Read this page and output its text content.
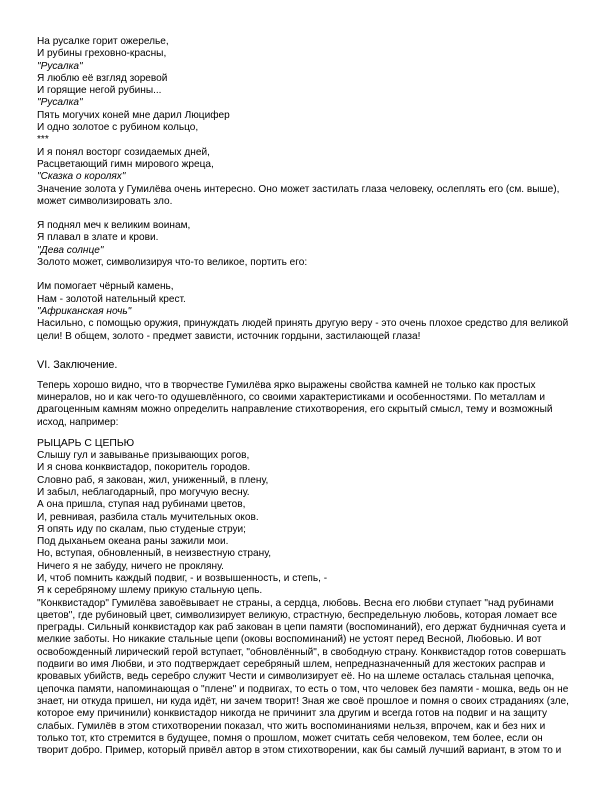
На русалке горит ожерелье,
И рубины греховно-красны,
"Русалка"
Я люблю её взгляд зоревой
И горящие негой рубины...
"Русалка"
Пять могучих коней мне дарил Люцифер
И одно золотое с рубином кольцо,
***
И я понял восторг созидаемых дней,
Расцветающий гимн мирового жреца,
"Сказка о королях"
Значение золота у Гумилёва очень интересно. Оно может застилать глаза человеку, ослеплять его (см. выше),
может символизировать зло.
Я поднял меч к великим воинам,
Я плавал в злате и крови.
"Дева солнце"
Золото может, символизируя что-то великое, портить его:
Им помогает чёрный камень,
Нам - золотой нательный крест.
"Африканская ночь"
Насильно, с помощью оружия, принуждать людей принять другую веру - это очень плохое средство для великой
цели! В общем, золото - предмет зависти, источник гордыни, застилающей глаза!
VI. Заключение.
Теперь хорошо видно, что в творчестве Гумилёва ярко выражены свойства камней не только как простых
минералов, но и как чего-то одушевлённого, со своими характеристиками и особенностями. По металлам и
драгоценным камням можно определить направление стихотворения, его скрытый смысл, тему и возможный
исход, например:
РЫЦАРЬ С ЦЕПЬЮ
Слышу гул и завыванье призывающих рогов,
И я снова конквистадор, покоритель городов.
Словно раб, я закован, жил, униженный, в плену,
И забыл, неблагодарный, про могучую весну.
А она пришла, ступая над рубинами цветов,
И, ревнивая, разбила сталь мучительных оков.
Я опять иду по скалам, пью студеные струи;
Под дыханьем океана раны зажили мои.
Но, вступая, обновленный, в неизвестную страну,
Ничего я не забуду, ничего не прокляну.
И, чтоб помнить каждый подвиг, - и возвышенность, и степь, -
Я к серебряному шлему прикую стальную цепь.
"Конквистадор" Гумилёва завоёвывает не страны, а сердца, любовь. Весна его любви ступает "над рубинами
цветов", где рубиновый цвет, символизирует великую, страстную, беспредельную любовь, которая ломает все
преграды. Сильный конквистадор как раб закован в цепи памяти (воспоминаний), его держат будничная суета и
мелкие заботы. Но никакие стальные цепи (оковы воспоминаний) не устоят перед Весной, Любовью. И вот
освобожденный лирический герой вступает, "обновлённый", в свободную страну. Конквистадор готов совершать
подвиги во имя Любви, и это подтверждает серебряный шлем, непредназначенный для жестоких расправ и
кровавых убийств, ведь серебро служит Чести и символизирует её. Но на шлеме осталась стальная цепочка,
цепочка памяти, напоминающая о "плене" и подвигах, то есть о том, что человек без памяти - мошка, ведь он не
знает, ни откуда пришел, ни куда идёт, ни зачем творит! Зная же своё прошлое и помня о своих страданиях (зле,
которое ему причинили) конквистадор никогда не причинит зла другим и всегда готов на подвиг и на защиту
слабых. Гумилёв в этом стихотворении показал, что жить воспоминаниями нельзя, впрочем, как и без них и
только тот, кто стремится в будущее, помня о прошлом, может считать себя человеком, тем более, если он
творит добро. Пример, который привёл автор в этом стихотворении, как бы самый лучший вариант, в этом то и
